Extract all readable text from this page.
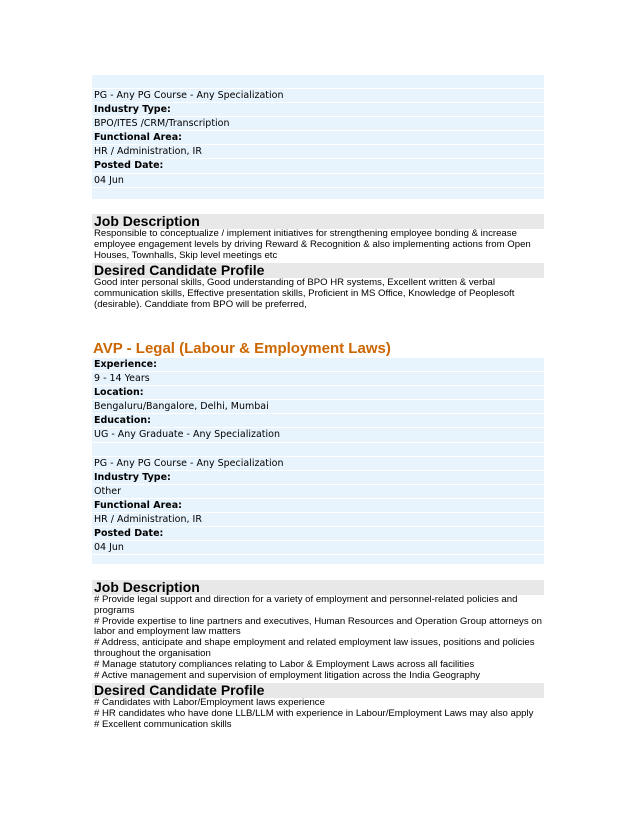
PG - Any PG Course - Any Specialization
Industry Type:
BPO/ITES /CRM/Transcription
Functional Area:
HR / Administration, IR
Posted Date:
04 Jun
Job Description
Responsible to conceptualize / implement initiatives for strengthening employee bonding & increase employee engagement levels by driving Reward & Recognition & also implementing actions from Open Houses, Townhalls, Skip level meetings etc
Desired Candidate Profile
Good inter personal skills, Good understanding of BPO HR systems, Excellent written & verbal communication skills, Effective presentation skills, Proficient in MS Office, Knowledge of Peoplesoft (desirable). Canddiate from BPO will be preferred,
AVP - Legal (Labour & Employment Laws)
Experience:
9 - 14 Years
Location:
Bengaluru/Bangalore, Delhi, Mumbai
Education:
UG - Any Graduate - Any Specialization
PG - Any PG Course - Any Specialization
Industry Type:
Other
Functional Area:
HR / Administration, IR
Posted Date:
04 Jun
Job Description
# Provide legal support and direction for a variety of employment and personnel-related policies and programs
# Provide expertise to line partners and executives, Human Resources and Operation Group attorneys on labor and employment law matters
# Address, anticipate and shape employment and related employment law issues, positions and policies throughout the organisation
# Manage statutory compliances relating to Labor & Employment Laws across all facilities
# Active management and supervision of employment litigation across the India Geography
Desired Candidate Profile
# Candidates with Labor/Employment laws experience
# HR candidates who have done LLB/LLM with experience in Labour/Employment Laws may also apply
# Excellent communication skills
